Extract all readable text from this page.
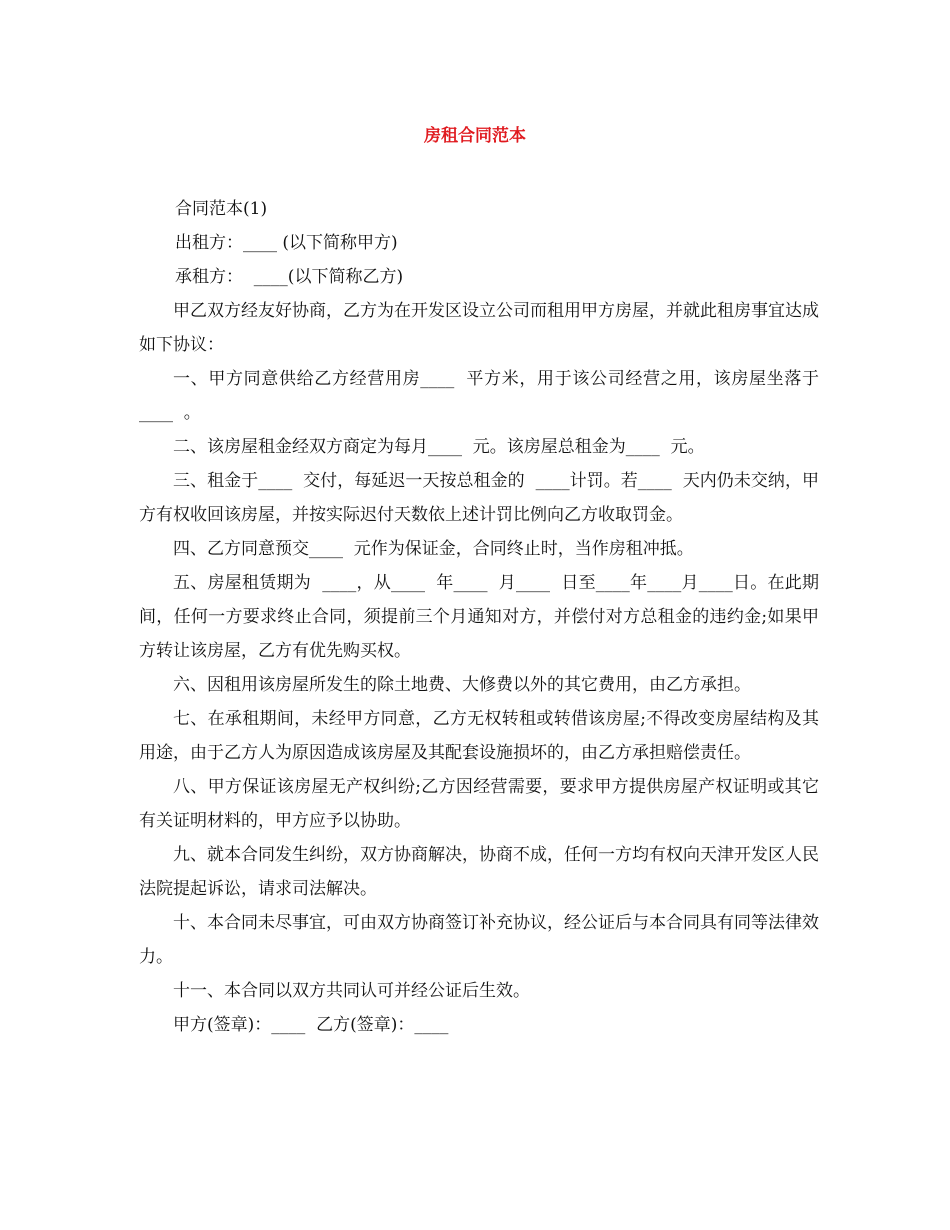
房租合同范本

合同范本(1)

出租方：____ (以下简称甲方)

承租方：  ____(以下简称乙方)

甲乙双方经友好协商，乙方为在开发区设立公司而租用甲方房屋，并就此租房事宜达成如下协议：

一、甲方同意供给乙方经营用房____  平方米，用于该公司经营之用，该房屋坐落于____  。

二、该房屋租金经双方商定为每月____  元。该房屋总租金为____  元。

三、租金于____  交付，每延迟一天按总租金的  ____计罚。若____  天内仍未交纳，甲方有权收回该房屋，并按实际迟付天数依上述计罚比例向乙方收取罚金。

四、乙方同意预交____  元作为保证金，合同终止时，当作房租冲抵。

五、房屋租赁期为  ____，从____  年____  月____  日至____年____月____日。在此期间，任何一方要求终止合同，须提前三个月通知对方，并偿付对方总租金的违约金;如果甲方转让该房屋，乙方有优先购买权。

六、因租用该房屋所发生的除土地费、大修费以外的其它费用，由乙方承担。

七、在承租期间，未经甲方同意，乙方无权转租或转借该房屋;不得改变房屋结构及其用途，由于乙方人为原因造成该房屋及其配套设施损坏的，由乙方承担赔偿责任。

八、甲方保证该房屋无产权纠纷;乙方因经营需要，要求甲方提供房屋产权证明或其它有关证明材料的，甲方应予以协助。

九、就本合同发生纠纷，双方协商解决，协商不成，任何一方均有权向天津开发区人民法院提起诉讼，请求司法解决。

十、本合同未尽事宜，可由双方协商签订补充协议，经公证后与本合同具有同等法律效力。

十一、本合同以双方共同认可并经公证后生效。

甲方(签章)：____  乙方(签章)：____
